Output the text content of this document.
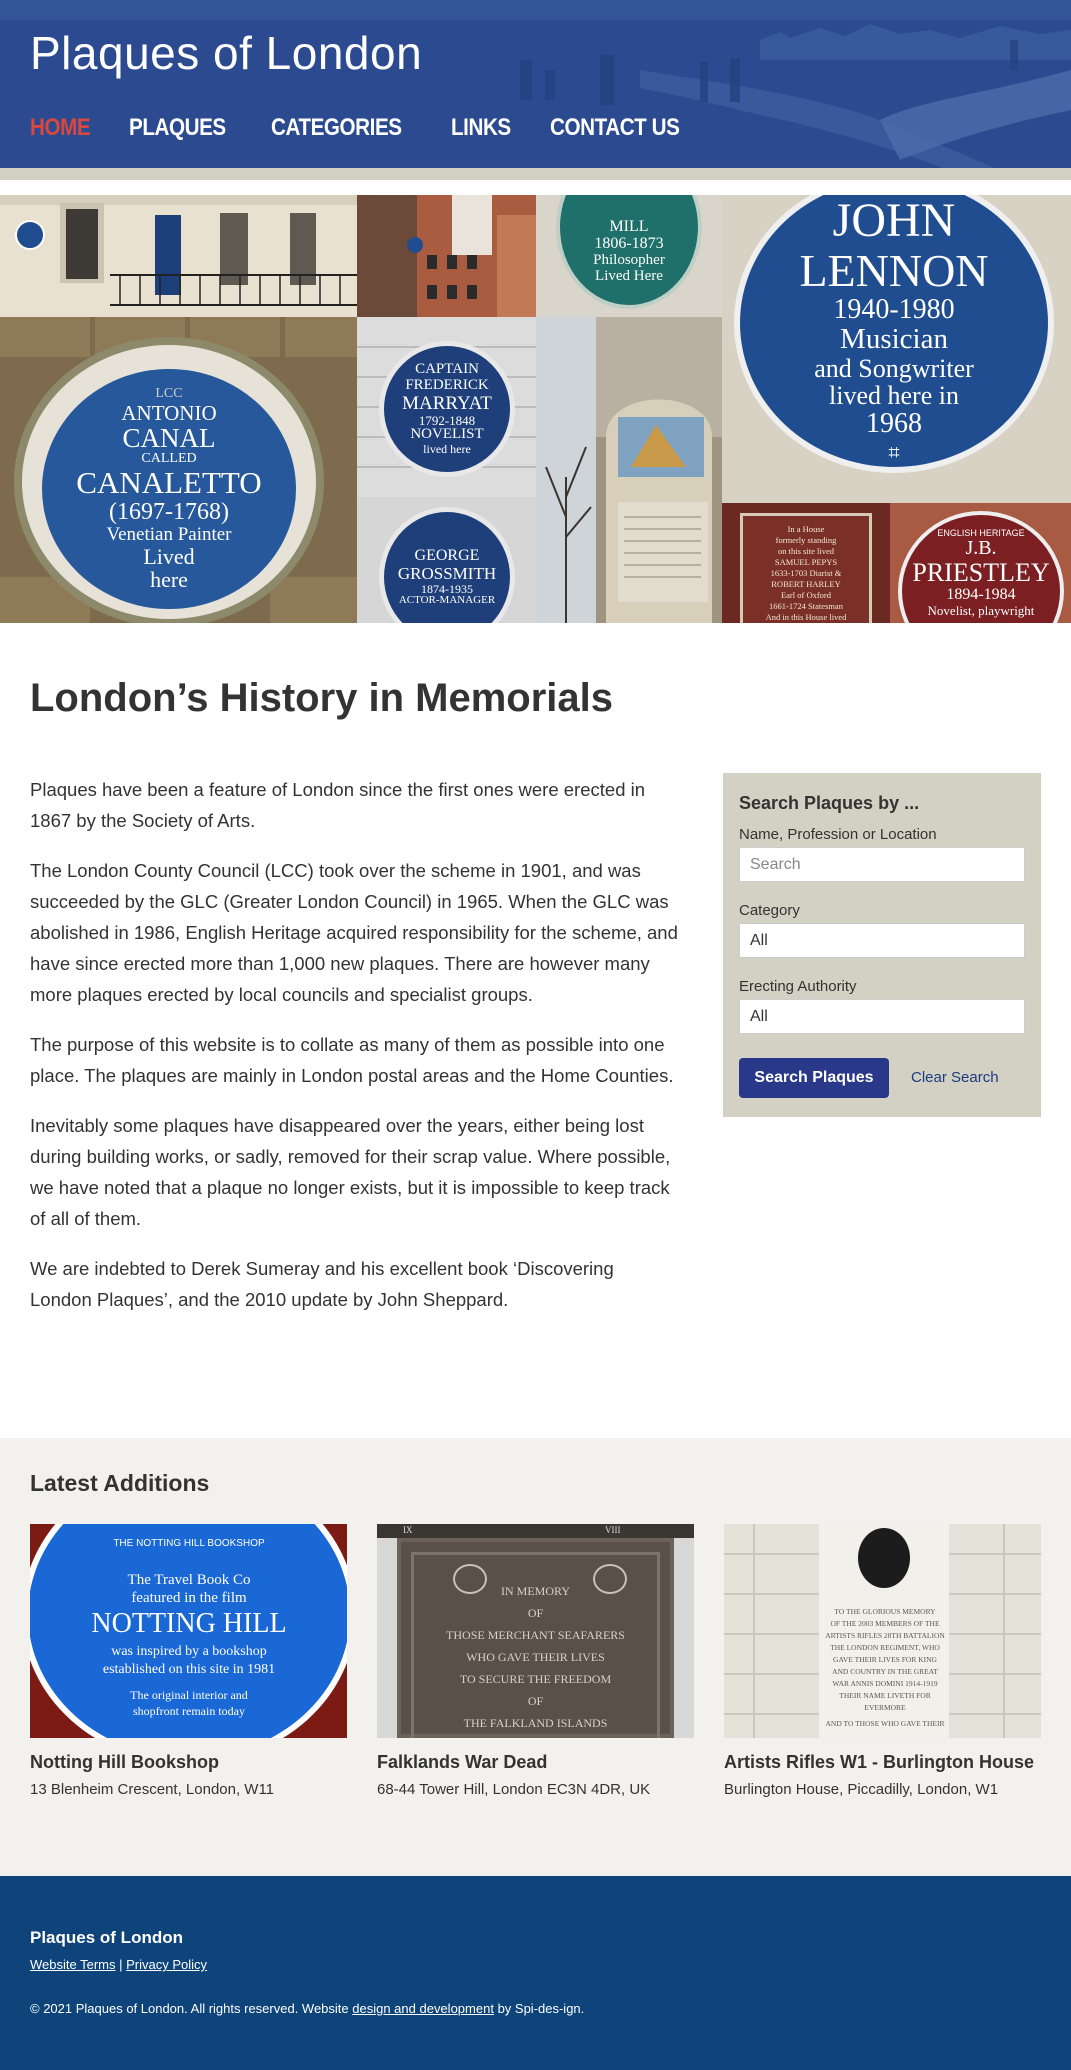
Plaques of London
HOME PLAQUES CATEGORIES LINKS CONTACT US
LCC
ANTONIO
CANAL
CALLED
CANALETTO
(1697-1768)
Venetian Painter
Lived
here
MILL
1806-1873
Philosopher
Lived Here
CAPTAIN
FREDERICK
MARRYAT
1792-1848
NOVELIST
lived here
GEORGE
GROSSMITH
1874-1935
ACTOR-MANAGER
JOHN
LENNON
1940-1980
Musician
and Songwriter
lived here in
1968
⌗
In a House
formerly standing
on this site lived
SAMUEL PEPYS
1633-1703 Diarist &
ROBERT HARLEY
Earl of Oxford
1661-1724 Statesman
And in this House lived
ENGLISH HERITAGE
J.B.
PRIESTLEY
1894-1984
Novelist, playwright
London’s History in Memorials

Plaques have been a feature of London since the first ones were erected in 1867 by the Society of Arts.

The London County Council (LCC) took over the scheme in 1901, and was succeeded by the GLC (Greater London Council) in 1965. When the GLC was abolished in 1986, English Heritage acquired responsibility for the scheme, and have since erected more than 1,000 new plaques. There are however many more plaques erected by local councils and specialist groups.

The purpose of this website is to collate as many of them as possible into one place. The plaques are mainly in London postal areas and the Home Counties.

Inevitably some plaques have disappeared over the years, either being lost during building works, or sadly, removed for their scrap value. Where possible, we have noted that a plaque no longer exists, but it is impossible to keep track of all of them.

We are indebted to Derek Sumeray and his excellent book ‘Discovering London Plaques’, and the 2010 update by John Sheppard.

Search Plaques by ...
Name, Profession or Location
Search
Category
All
Erecting Authority
All
Search Plaques	Clear Search
Latest Additions
THE NOTTING HILL BOOKSHOP
The Travel Book Co
featured in the film
NOTTING HILL
was inspired by a bookshop
established on this site in 1981
The original interior and
shopfront remain today
Notting Hill Bookshop
13 Blenheim Crescent, London, W11
IX	VIII
IN MEMORY
OF
THOSE MERCHANT SEAFARERS
WHO GAVE THEIR LIVES
TO SECURE THE FREEDOM
OF
THE FALKLAND ISLANDS
Falklands War Dead
68-44 Tower Hill, London EC3N 4DR, UK
TO THE GLORIOUS MEMORY
OF THE 2003 MEMBERS OF THE
ARTISTS RIFLES 28TH BATTALION
THE LONDON REGIMENT, WHO
GAVE THEIR LIVES FOR KING
AND COUNTRY IN THE GREAT
WAR ANNIS DOMINI 1914-1919
THEIR NAME LIVETH FOR EVERMORE
AND TO THOSE WHO GAVE THEIR
Artists Rifles W1 - Burlington House
Burlington House, Piccadilly, London, W1
Plaques of London
Website Terms | Privacy Policy
© 2021 Plaques of London. All rights reserved. Website design and development by Spi-des-ign.
